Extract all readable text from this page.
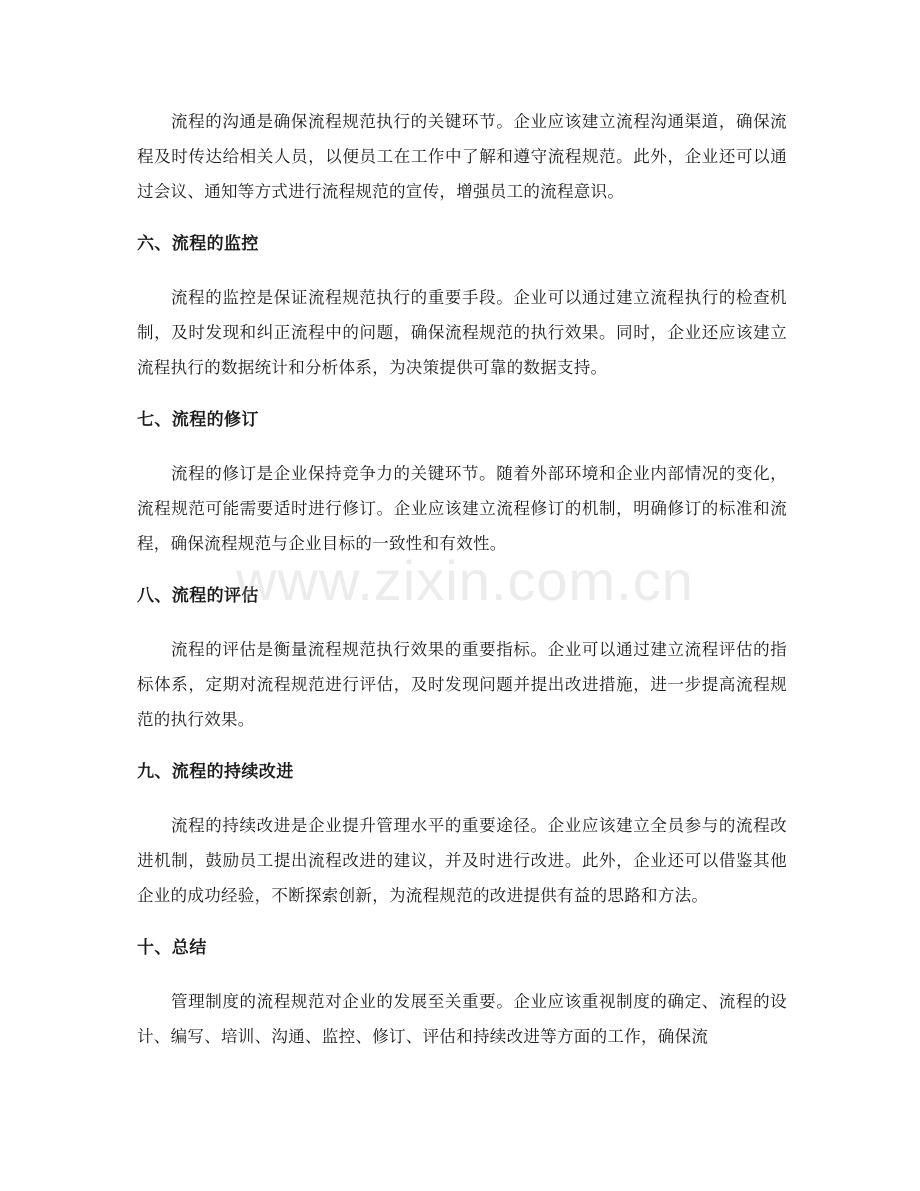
流程的沟通是确保流程规范执行的关键环节。企业应该建立流程沟通渠道，确保流程及时传达给相关人员，以便员工在工作中了解和遵守流程规范。此外，企业还可以通过会议、通知等方式进行流程规范的宣传，增强员工的流程意识。

六、流程的监控

流程的监控是保证流程规范执行的重要手段。企业可以通过建立流程执行的检查机制，及时发现和纠正流程中的问题，确保流程规范的执行效果。同时，企业还应该建立流程执行的数据统计和分析体系，为决策提供可靠的数据支持。

七、流程的修订

流程的修订是企业保持竞争力的关键环节。随着外部环境和企业内部情况的变化，流程规范可能需要适时进行修订。企业应该建立流程修订的机制，明确修订的标准和流程，确保流程规范与企业目标的一致性和有效性。

八、流程的评估

流程的评估是衡量流程规范执行效果的重要指标。企业可以通过建立流程评估的指标体系，定期对流程规范进行评估，及时发现问题并提出改进措施，进一步提高流程规范的执行效果。

九、流程的持续改进

流程的持续改进是企业提升管理水平的重要途径。企业应该建立全员参与的流程改进机制，鼓励员工提出流程改进的建议，并及时进行改进。此外，企业还可以借鉴其他企业的成功经验，不断探索创新，为流程规范的改进提供有益的思路和方法。

十、总结

管理制度的流程规范对企业的发展至关重要。企业应该重视制度的确定、流程的设计、编写、培训、沟通、监控、修订、评估和持续改进等方面的工作，确保流

www.zixin.com.cn
